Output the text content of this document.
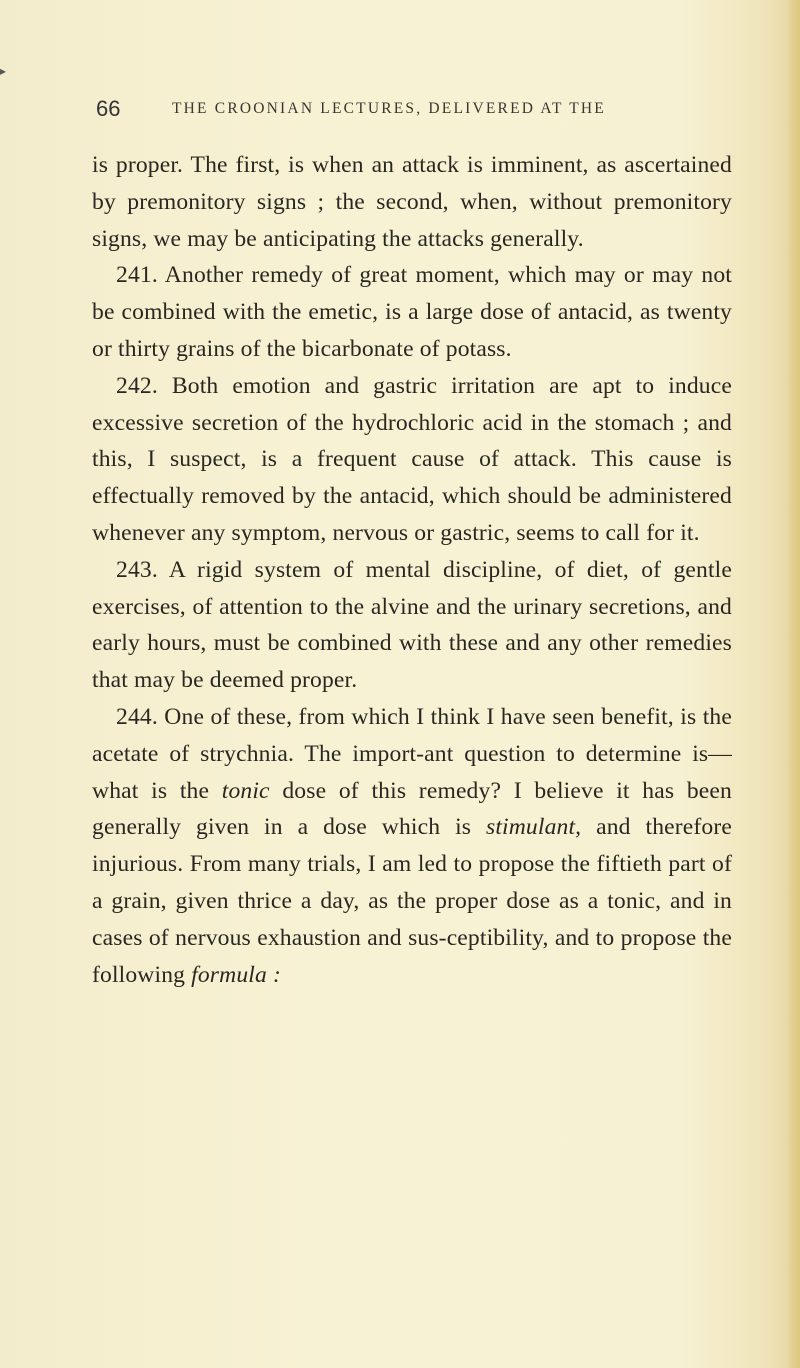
▸
66	THE CROONIAN LECTURES, DELIVERED AT THE

is proper. The first, is when an attack is imminent, as ascertained by premonitory signs ; the second, when, without premonitory signs, we may be anticipating the attacks generally.

241. Another remedy of great moment, which may or may not be combined with the emetic, is a large dose of antacid, as twenty or thirty grains of the bicarbonate of potass.

242. Both emotion and gastric irritation are apt to induce excessive secretion of the hydrochloric acid in the stomach ; and this, I suspect, is a frequent cause of attack. This cause is effectually removed by the antacid, which should be administered whenever any symptom, nervous or gastric, seems to call for it.

243. A rigid system of mental discipline, of diet, of gentle exercises, of attention to the alvine and the urinary secretions, and early hours, must be combined with these and any other remedies that may be deemed proper.

244. One of these, from which I think I have seen benefit, is the acetate of strychnia. The import-ant question to determine is—what is the tonic dose of this remedy? I believe it has been generally given in a dose which is stimulant, and therefore injurious. From many trials, I am led to propose the fiftieth part of a grain, given thrice a day, as the proper dose as a tonic, and in cases of nervous exhaustion and sus-ceptibility, and to propose the following formula :
